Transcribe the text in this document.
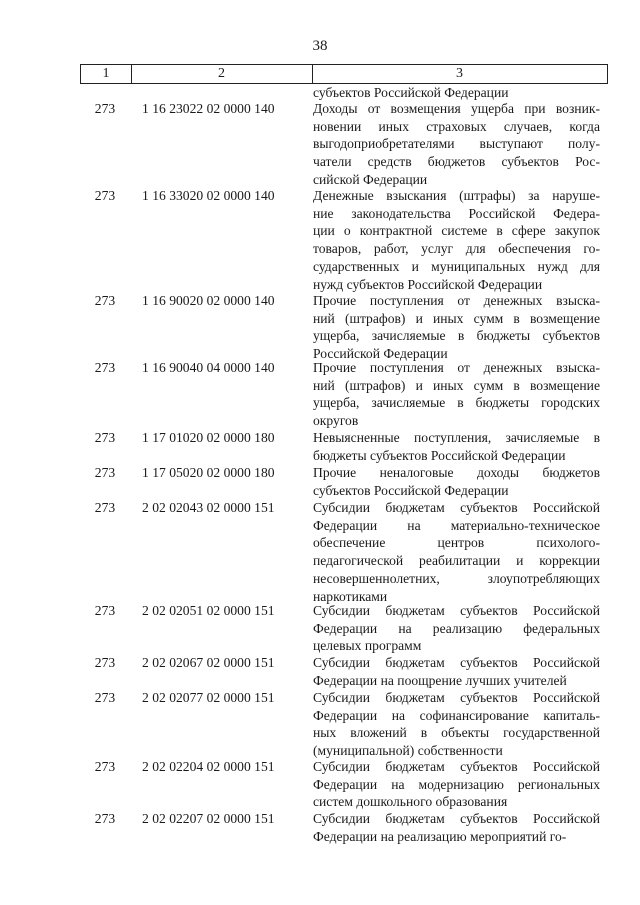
38
1	2	3
субъектов Российской Федерации
273	1 16 23022 02 0000 140	Доходы от возмещения ущерба при возник-
новении иных страховых случаев, когда
выгодоприобретателями выступают полу-
чатели средств бюджетов субъектов Рос-
сийской Федерации
273	1 16 33020 02 0000 140	Денежные взыскания (штрафы) за наруше-
ние законодательства Российской Федера-
ции о контрактной системе в сфере закупок
товаров, работ, услуг для обеспечения го-
сударственных и муниципальных нужд для
нужд субъектов Российской Федерации
273	1 16 90020 02 0000 140	Прочие поступления от денежных взыска-
ний (штрафов) и иных сумм в возмещение
ущерба, зачисляемые в бюджеты субъектов
Российской Федерации
273	1 16 90040 04 0000 140	Прочие поступления от денежных взыска-
ний (штрафов) и иных сумм в возмещение
ущерба, зачисляемые в бюджеты городских
округов
273	1 17 01020 02 0000 180	Невыясненные поступления, зачисляемые в
бюджеты субъектов Российской Федерации
273	1 17 05020 02 0000 180	Прочие неналоговые доходы бюджетов
субъектов Российской Федерации
273	2 02 02043 02 0000 151	Субсидии бюджетам субъектов Российской
Федерации на материально-техническое
обеспечение центров психолого-
педагогической реабилитации и коррекции
несовершеннолетних, злоупотребляющих
наркотиками
273	2 02 02051 02 0000 151	Субсидии бюджетам субъектов Российской
Федерации на реализацию федеральных
целевых программ
273	2 02 02067 02 0000 151	Субсидии бюджетам субъектов Российской
Федерации на поощрение лучших учителей
273	2 02 02077 02 0000 151	Субсидии бюджетам субъектов Российской
Федерации на софинансирование капиталь-
ных вложений в объекты государственной
(муниципальной) собственности
273	2 02 02204 02 0000 151	Субсидии бюджетам субъектов Российской
Федерации на модернизацию региональных
систем дошкольного образования
273	2 02 02207 02 0000 151	Субсидии бюджетам субъектов Российской
Федерации на реализацию мероприятий го-
